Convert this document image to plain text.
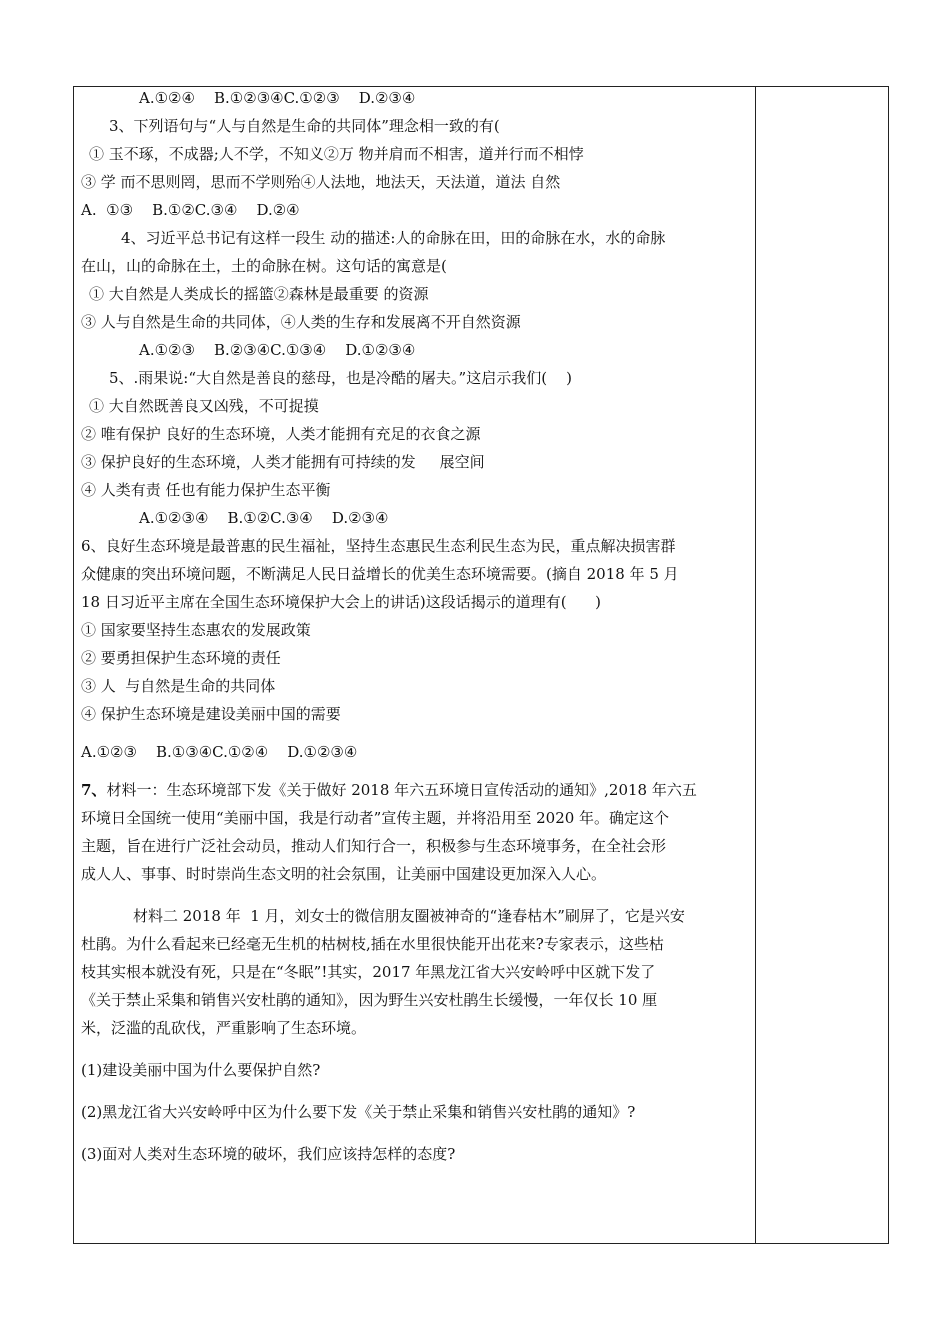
A.①②④    B.①②③④C.①②③    D.②③④
3、下列语句与“人与自然是生命的共同体”理念相一致的有(
① 玉不琢，不成器;人不学，不知义②万 物并肩而不相害，道并行而不相悖
③ 学 而不思则罔，思而不学则殆④人法地，地法天，天法道，道法 自然
A.  ①③    B.①②C.③④    D.②④
4、习近平总书记有这样一段生 动的描述:人的命脉在田，田的命脉在水，水的命脉
在山，山的命脉在土，土的命脉在树。这句话的寓意是(
① 大自然是人类成长的摇篮②森林是最重要 的资源
③ 人与自然是生命的共同体，④人类的生存和发展离不开自然资源
A.①②③    B.②③④C.①③④    D.①②③④
5、.雨果说:“大自然是善良的慈母，也是冷酷的屠夫。”这启示我们(    )
① 大自然既善良又凶残，不可捉摸
② 唯有保护 良好的生态环境，人类才能拥有充足的衣食之源
③ 保护良好的生态环境，人类才能拥有可持续的发     展空间
④ 人类有责 任也有能力保护生态平衡
A.①②③④    B.①②C.③④    D.②③④
6、良好生态环境是最普惠的民生福祉，坚持生态惠民生态利民生态为民，重点解决损害群
众健康的突出环境问题，不断满足人民日益增长的优美生态环境需要。(摘自 2018 年 5 月
18 日习近平主席在全国生态环境保护大会上的讲话)这段话揭示的道理有(      )
① 国家要坚持生态惠农的发展政策
② 要勇担保护生态环境的责任
③ 人  与自然是生命的共同体
④ 保护生态环境是建设美丽中国的需要
A.①②③    B.①③④C.①②④    D.①②③④
7、材料一：生态环境部下发《关于做好 2018 年六五环境日宣传活动的通知》,2018 年六五
环境日全国统一使用“美丽中国，我是行动者”宣传主题，并将沿用至 2020 年。确定这个
主题，旨在进行广泛社会动员，推动人们知行合一，积极参与生态环境事务，在全社会形
成人人、事事、时时崇尚生态文明的社会氛围，让美丽中国建设更加深入人心。
材料二 2018 年  1 月，刘女士的微信朋友圈被神奇的“逢春枯木”刷屏了，它是兴安
杜鹃。为什么看起来已经毫无生机的枯树枝,插在水里很快能开出花来?专家表示，这些枯
枝其实根本就没有死，只是在“冬眠”!其实，2017 年黑龙江省大兴安岭呼中区就下发了
《关于禁止采集和销售兴安杜鹃的通知》，因为野生兴安杜鹃生长缓慢，一年仅长 10 厘
米，泛滥的乱砍伐，严重影响了生态环境。
(1)建设美丽中国为什么要保护自然?
(2)黑龙江省大兴安岭呼中区为什么要下发《关于禁止采集和销售兴安杜鹃的通知》?
(3)面对人类对生态环境的破坏，我们应该持怎样的态度?
